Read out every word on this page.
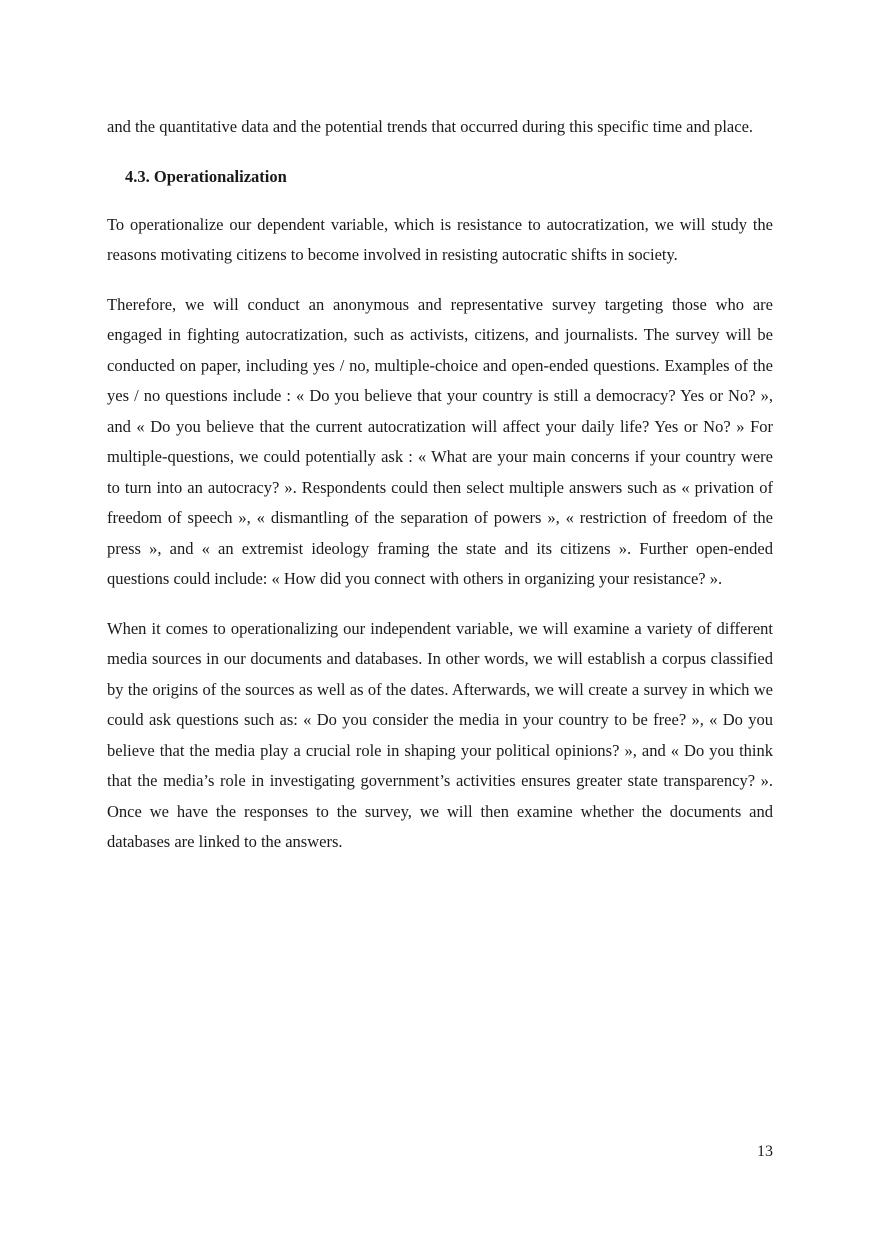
and the quantitative data and the potential trends that occurred during this specific time and place.

4.3. Operationalization

To operationalize our dependent variable, which is resistance to autocratization, we will study the reasons motivating citizens to become involved in resisting autocratic shifts in society.

Therefore, we will conduct an anonymous and representative survey targeting those who are engaged in fighting autocratization, such as activists, citizens, and journalists. The survey will be conducted on paper, including yes / no, multiple-choice and open-ended questions. Examples of the yes / no questions include : « Do you believe that your country is still a democracy? Yes or No? », and « Do you believe that the current autocratization will affect your daily life? Yes or No? » For multiple-questions, we could potentially ask : « What are your main concerns if your country were to turn into an autocracy? ». Respondents could then select multiple answers such as « privation of freedom of speech », « dismantling of the separation of powers », « restriction of freedom of the press », and « an extremist ideology framing the state and its citizens ». Further open-ended questions could include: « How did you connect with others in organizing your resistance? ».

When it comes to operationalizing our independent variable, we will examine a variety of different media sources in our documents and databases. In other words, we will establish a corpus classified by the origins of the sources as well as of the dates. Afterwards, we will create a survey in which we could ask questions such as: « Do you consider the media in your country to be free? », « Do you believe that the media play a crucial role in shaping your political opinions? », and « Do you think that the media’s role in investigating government’s activities ensures greater state transparency? ». Once we have the responses to the survey, we will then examine whether the documents and databases are linked to the answers.

13
